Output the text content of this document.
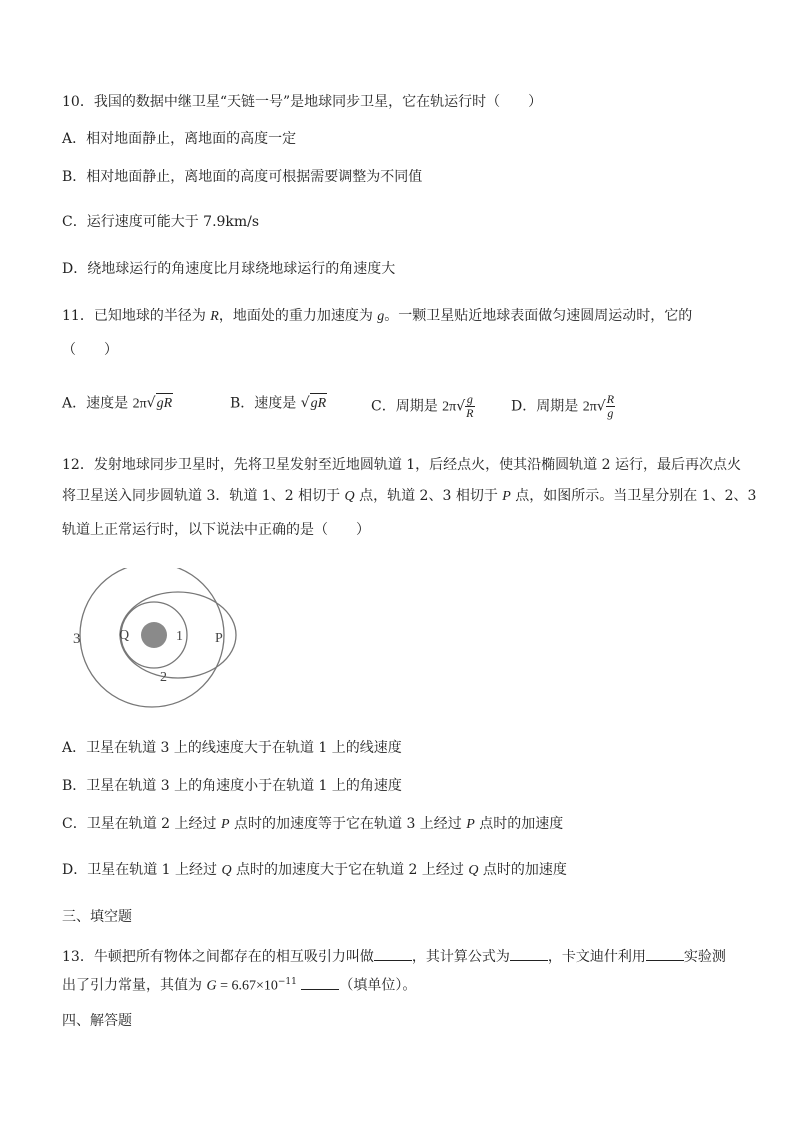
10．我国的数据中继卫星“天链一号”是地球同步卫星，它在轨运行时（　　）
A．相对地面静止，离地面的高度一定
B．相对地面静止，离地面的高度可根据需要调整为不同值
C．运行速度可能大于 7.9km/s
D．绕地球运行的角速度比月球绕地球运行的角速度大
11．已知地球的半径为 R，地面处的重力加速度为 g。一颗卫星贴近地球表面做匀速圆周运动时，它的
（　　）
A．速度是 2π√gR	B．速度是 √gR	C．周期是 $2\pi√ \frac{g}{R}$	D．周期是 $2\pi√ \frac{R}{g}$
12．发射地球同步卫星时，先将卫星发射至近地圆轨道 1，后经点火，使其沿椭圆轨道 2 运行，最后再次点火
将卫星送入同步圆轨道 3．轨道 1、2 相切于 Q 点，轨道 2、3 相切于 P 点，如图所示。当卫星分别在 1、2、3
轨道上正常运行时，以下说法中正确的是（　　）
3	Q	1 P
2
A．卫星在轨道 3 上的线速度大于在轨道 1 上的线速度
B．卫星在轨道 3 上的角速度小于在轨道 1 上的角速度
C．卫星在轨道 2 上经过 P 点时的加速度等于它在轨道 3 上经过 P 点时的加速度
D．卫星在轨道 1 上经过 Q 点时的加速度大于它在轨道 2 上经过 Q 点时的加速度
三、填空题
13．牛顿把所有物体之间都存在的相互吸引力叫做	，其计算公式为	，卡文迪什利用	实验测
出了引力常量，其值为 $G = 6.67\times 10^{-11}$	（填单位）。
四、解答题
